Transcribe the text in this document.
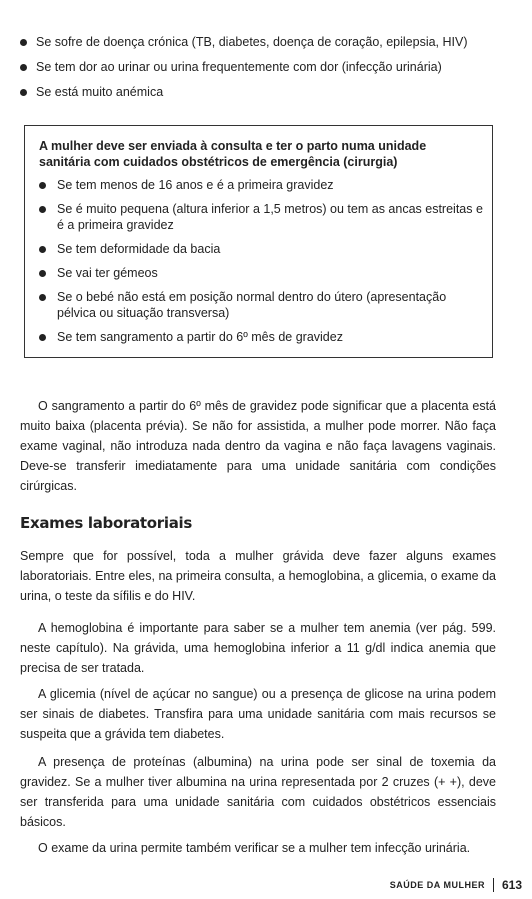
Se sofre de doença crónica (TB, diabetes, doença de coração, epilepsia, HIV)
Se tem dor ao urinar ou urina frequentemente com dor (infecção urinária)
Se está muito anémica
A mulher deve ser enviada à consulta e ter o parto numa unidade sanitária com cuidados obstétricos de emergência (cirurgia)
Se tem menos de 16 anos e é a primeira gravidez
Se é muito pequena (altura inferior a 1,5 metros) ou tem as ancas estreitas e é a primeira gravidez
Se tem deformidade da bacia
Se vai ter gémeos
Se o bebé não está em posição normal dentro do útero (apresentação pélvica ou situação transversa)
Se tem sangramento a partir do 6º mês de gravidez

O sangramento a partir do 6º mês de gravidez pode significar que a placenta está muito baixa (placenta prévia). Se não for assistida, a mulher pode morrer. Não faça exame vaginal, não introduza nada dentro da vagina e não faça lavagens vaginais. Deve-se transferir imediatamente para uma unidade sanitária com condições cirúrgicas.

Exames laboratoriais

Sempre que for possível, toda a mulher grávida deve fazer alguns exames laboratoriais. Entre eles, na primeira consulta, a hemoglobina, a glicemia, o exame da urina, o teste da sífilis e do HIV.

A hemoglobina é importante para saber se a mulher tem anemia (ver pág. 599. neste capítulo). Na grávida, uma hemoglobina inferior a 11 g/dl indica anemia que precisa de ser tratada.

A glicemia (nível de açúcar no sangue) ou a presença de glicose na urina podem ser sinais de diabetes. Transfira para uma unidade sanitária com mais recursos se suspeita que a grávida tem diabetes.

A presença de proteínas (albumina) na urina pode ser sinal de toxemia da gravidez. Se a mulher tiver albumina na urina representada por 2 cruzes (+ +), deve ser transferida para uma unidade sanitária com cuidados obstétricos essenciais básicos.

O exame da urina permite também verificar se a mulher tem infecção urinária.

SAÚDE DA MULHER 613
